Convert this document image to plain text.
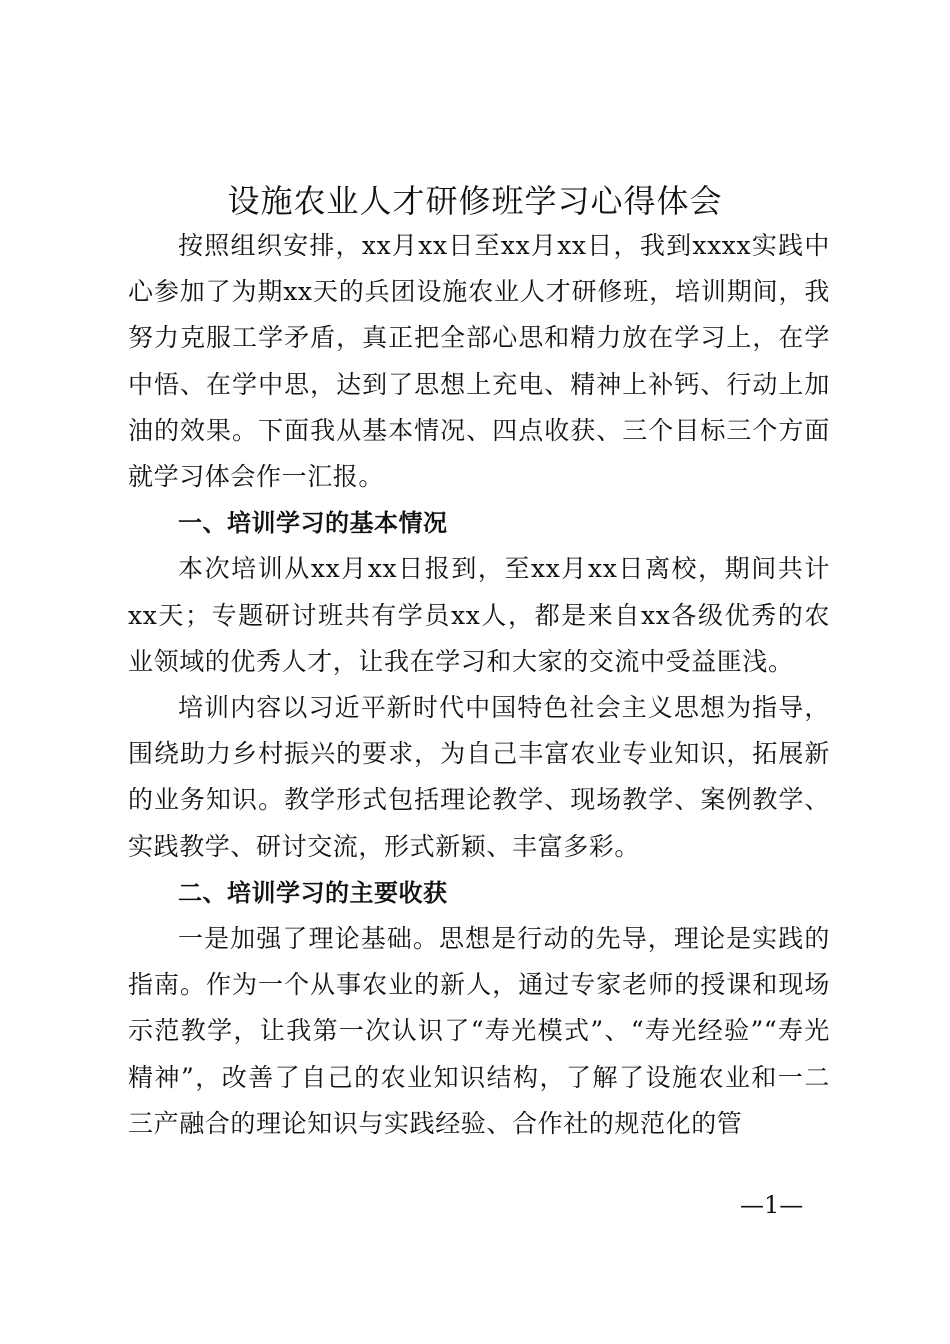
设施农业人才研修班学习心得体会

按照组织安排，xx月xx日至xx月xx日，我到xxxx实践中心参加了为期xx天的兵团设施农业人才研修班，培训期间，我努力克服工学矛盾，真正把全部心思和精力放在学习上，在学中悟、在学中思，达到了思想上充电、精神上补钙、行动上加油的效果。下面我从基本情况、四点收获、三个目标三个方面就学习体会作一汇报。

一、培训学习的基本情况

本次培训从xx月xx日报到，至xx月xx日离校，期间共计xx天；专题研讨班共有学员xx人，都是来自xx各级优秀的农业领域的优秀人才，让我在学习和大家的交流中受益匪浅。

培训内容以习近平新时代中国特色社会主义思想为指导，围绕助力乡村振兴的要求，为自己丰富农业专业知识，拓展新的业务知识。教学形式包括理论教学、现场教学、案例教学、实践教学、研讨交流，形式新颖、丰富多彩。

二、培训学习的主要收获

一是加强了理论基础。思想是行动的先导，理论是实践的指南。作为一个从事农业的新人，通过专家老师的授课和现场示范教学，让我第一次认识了“寿光模式”、“寿光经验”“寿光精神”，改善了自己的农业知识结构，了解了设施农业和一二三产融合的理论知识与实践经验、合作社的规范化的管

—1—
